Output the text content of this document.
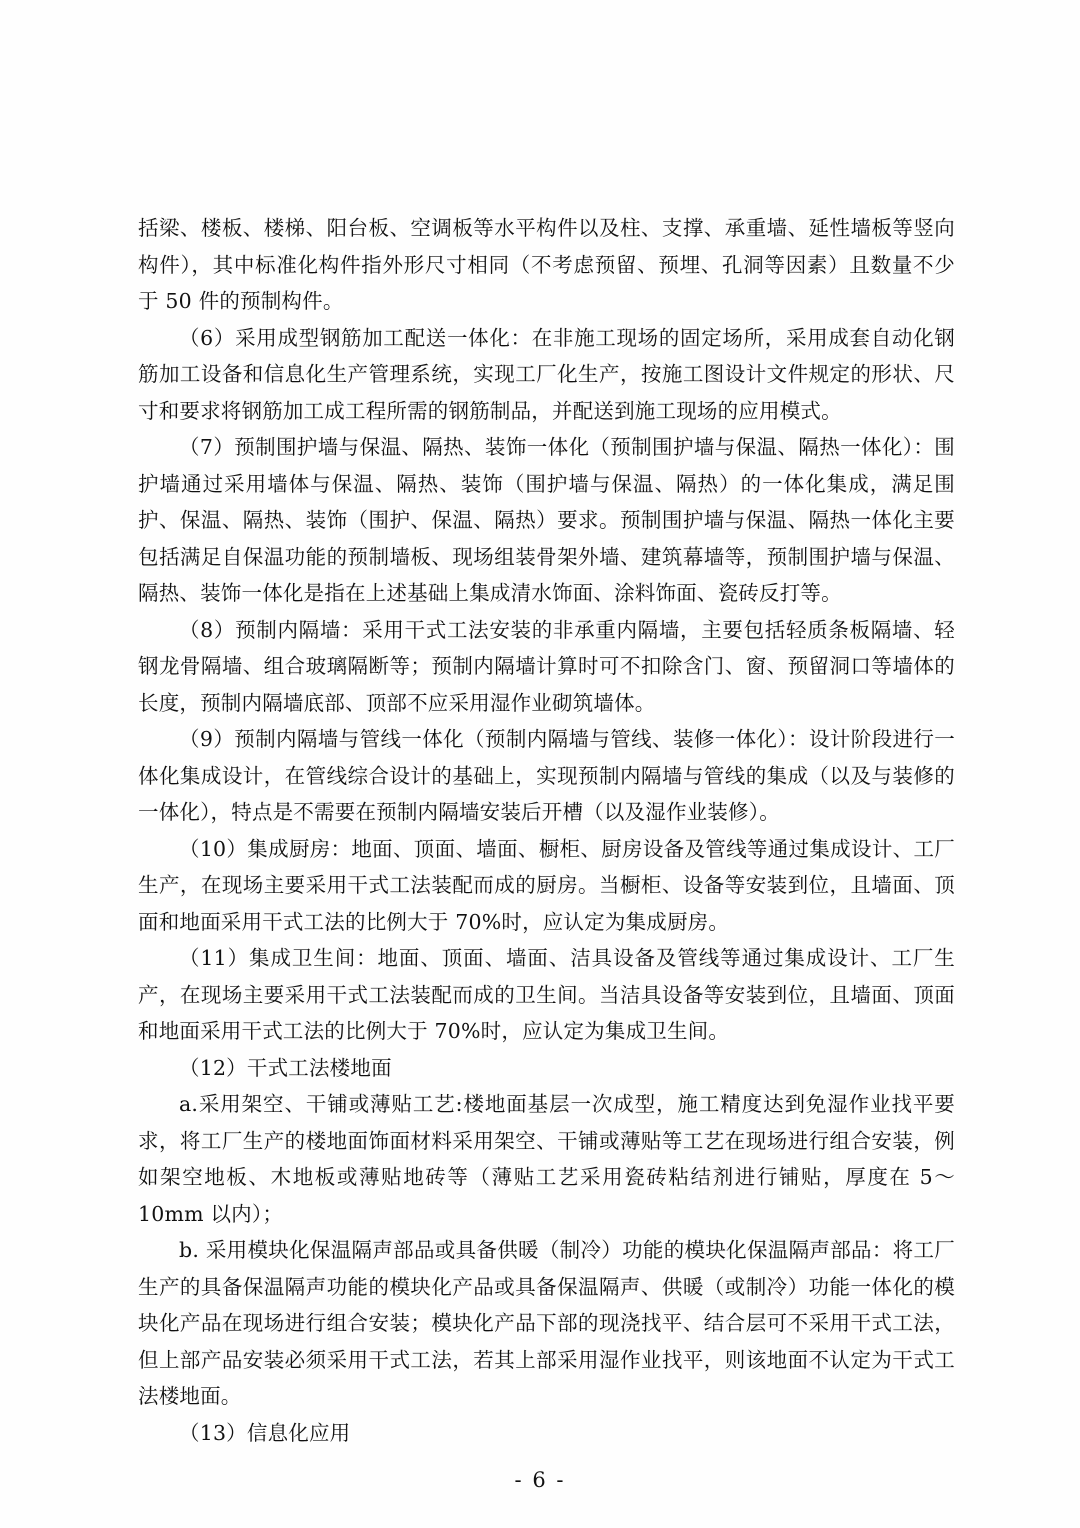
括梁、楼板、楼梯、阳台板、空调板等水平构件以及柱、支撑、承重墙、延性墙板等竖向构件），其中标准化构件指外形尺寸相同（不考虑预留、预埋、孔洞等因素）且数量不少于 50 件的预制构件。

（6）采用成型钢筋加工配送一体化：在非施工现场的固定场所，采用成套自动化钢筋加工设备和信息化生产管理系统，实现工厂化生产，按施工图设计文件规定的形状、尺寸和要求将钢筋加工成工程所需的钢筋制品，并配送到施工现场的应用模式。

（7）预制围护墙与保温、隔热、装饰一体化（预制围护墙与保温、隔热一体化）：围护墙通过采用墙体与保温、隔热、装饰（围护墙与保温、隔热）的一体化集成，满足围护、保温、隔热、装饰（围护、保温、隔热）要求。预制围护墙与保温、隔热一体化主要包括满足自保温功能的预制墙板、现场组装骨架外墙、建筑幕墙等，预制围护墙与保温、隔热、装饰一体化是指在上述基础上集成清水饰面、涂料饰面、瓷砖反打等。

（8）预制内隔墙：采用干式工法安装的非承重内隔墙，主要包括轻质条板隔墙、轻钢龙骨隔墙、组合玻璃隔断等；预制内隔墙计算时可不扣除含门、窗、预留洞口等墙体的长度，预制内隔墙底部、顶部不应采用湿作业砌筑墙体。

（9）预制内隔墙与管线一体化（预制内隔墙与管线、装修一体化）：设计阶段进行一体化集成设计，在管线综合设计的基础上，实现预制内隔墙与管线的集成（以及与装修的一体化），特点是不需要在预制内隔墙安装后开槽（以及湿作业装修）。

（10）集成厨房：地面、顶面、墙面、橱柜、厨房设备及管线等通过集成设计、工厂生产，在现场主要采用干式工法装配而成的厨房。当橱柜、设备等安装到位，且墙面、顶面和地面采用干式工法的比例大于 70%时，应认定为集成厨房。

（11）集成卫生间：地面、顶面、墙面、洁具设备及管线等通过集成设计、工厂生产，在现场主要采用干式工法装配而成的卫生间。当洁具设备等安装到位，且墙面、顶面和地面采用干式工法的比例大于 70%时，应认定为集成卫生间。

（12）干式工法楼地面

a.采用架空、干铺或薄贴工艺:楼地面基层一次成型，施工精度达到免湿作业找平要求，将工厂生产的楼地面饰面材料采用架空、干铺或薄贴等工艺在现场进行组合安装，例如架空地板、木地板或薄贴地砖等（薄贴工艺采用瓷砖粘结剂进行铺贴，厚度在 5～10mm 以内）；

b. 采用模块化保温隔声部品或具备供暖（制冷）功能的模块化保温隔声部品：将工厂生产的具备保温隔声功能的模块化产品或具备保温隔声、供暖（或制冷）功能一体化的模块化产品在现场进行组合安装；模块化产品下部的现浇找平、结合层可不采用干式工法，但上部产品安装必须采用干式工法，若其上部采用湿作业找平，则该地面不认定为干式工法楼地面。

（13）信息化应用

- 6 -
